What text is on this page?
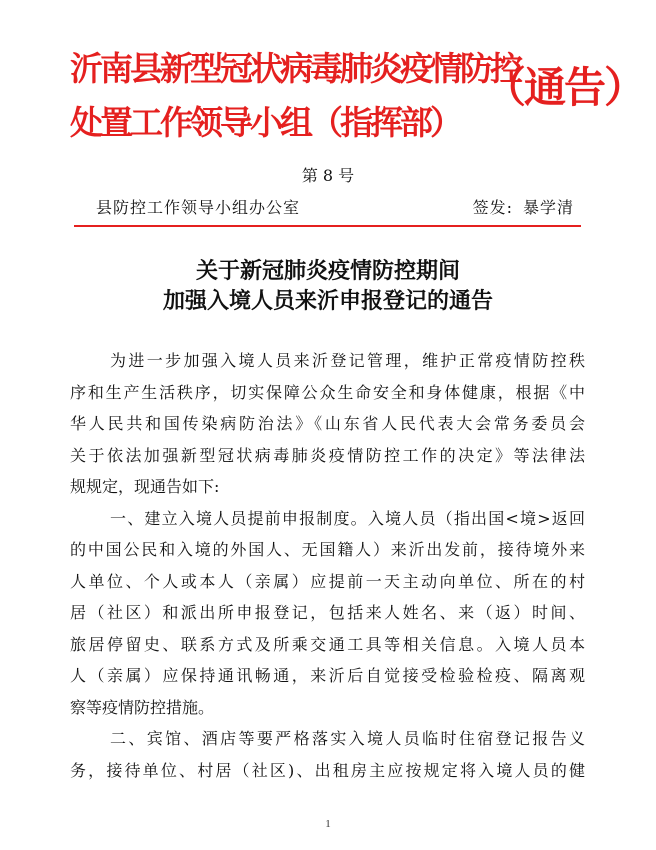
沂南县新型冠状病毒肺炎疫情防控
处置工作领导小组（指挥部）
（通告）
第 8 号
县防控工作领导小组办公室	签发: 暴学清
关于新冠肺炎疫情防控期间
加强入境人员来沂申报登记的通告
为进一步加强入境人员来沂登记管理，维护正常疫情防控秩
序和生产生活秩序，切实保障公众生命安全和身体健康，根据《中
华人民共和国传染病防治法》《山东省人民代表大会常务委员会
关于依法加强新型冠状病毒肺炎疫情防控工作的决定》等法律法
规规定，现通告如下:
一、建立入境人员提前申报制度。入境人员（指出国<境>返回
的中国公民和入境的外国人、无国籍人）来沂出发前，接待境外来
人单位、个人或本人（亲属）应提前一天主动向单位、所在的村
居（社区）和派出所申报登记，包括来人姓名、来（返）时间、
旅居停留史、联系方式及所乘交通工具等相关信息。入境人员本
人（亲属）应保持通讯畅通，来沂后自觉接受检验检疫、隔离观
察等疫情防控措施。
二、宾馆、酒店等要严格落实入境人员临时住宿登记报告义
务，接待单位、村居（社区)、出租房主应按规定将入境人员的健
1
